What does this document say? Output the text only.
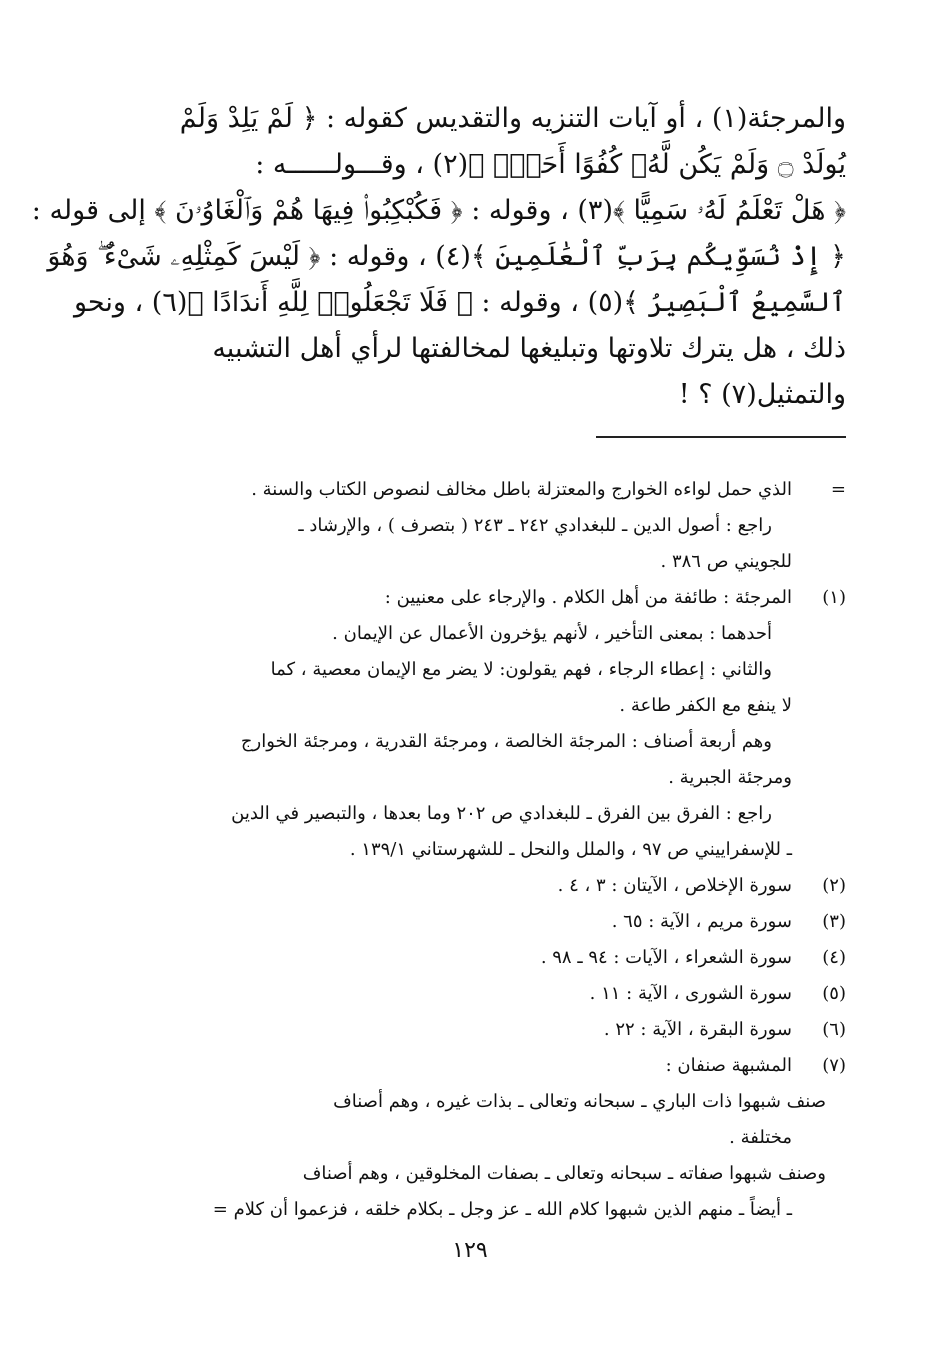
والمرجئة(١) ، أو آيات التنزيه والتقديس كقوله : ﴿ لَمْ يَلِدْ وَلَمْ
يُولَدْ ۝ وَلَمْ يَكُن لَّهُۥ كُفُوًا أَحَدٌۢ ﴾(٢) ، وقـــولــــــه :
﴿ هَلْ تَعْلَمُ لَهُۥ سَمِيًّا ﴾(٣) ، وقوله : ﴿ فَكُبْكِبُوا۟ فِيهَا هُمْ وَٱلْغَاوُۥنَ ﴾ إلى قوله :
﴿ إِذْ نُسَوِّيكُم بِرَبِّ ٱلْعَٰلَمِينَ ﴾(٤) ، وقوله : ﴿ لَيْسَ كَمِثْلِهِۦ شَىْءٌ ۖ وَهُوَ
ٱلسَّمِيعُ ٱلْبَصِيرُ ﴾(٥) ، وقوله : ﴿ فَلَا تَجْعَلُوا۟ لِلَّهِ أَندَادًا ﴾(٦) ، ونحو
ذلك ، هل يترك تلاوتها وتبليغها لمخالفتها لرأي أهل التشبيه
والتمثيل(٧) ؟ !
=
الذي حمل لواءه الخوارج والمعتزلة باطل مخالف لنصوص الكتاب والسنة .
راجع : أصول الدين ـ للبغدادي ٢٤٢ ـ ٢٤٣ ( بتصرف ) ، والإرشاد ـ
للجويني ص ٣٨٦ .
(١)
المرجئة : طائفة من أهل الكلام . والإرجاء على معنيين :
أحدهما : بمعنى التأخير ، لأنهم يؤخرون الأعمال عن الإيمان .
والثاني : إعطاء الرجاء ، فهم يقولون: لا يضر مع الإيمان معصية ، كما
لا ينفع مع الكفر طاعة .
وهم أربعة أصناف : المرجئة الخالصة ، ومرجئة القدرية ، ومرجئة الخوارج
ومرجئة الجبرية .
راجع : الفرق بين الفرق ـ للبغدادي ص ٢٠٢ وما بعدها ، والتبصير في الدين
ـ للإسفراييني ص ٩٧ ، والملل والنحل ـ للشهرستاني ١٣٩/١ .
(٢)
سورة الإخلاص ، الآيتان : ٣ ، ٤ .
(٣)
سورة مريم ، الآية : ٦٥ .
(٤)
سورة الشعراء ، الآيات : ٩٤ ـ ٩٨ .
(٥)
سورة الشورى ، الآية : ١١ .
(٦)
سورة البقرة ، الآية : ٢٢ .
(٧)
المشبهة صنفان :
صنف شبهوا ذات الباري ـ سبحانه وتعالى ـ بذات غيره ، وهم أصناف
مختلفة .
وصنف شبهوا صفاته ـ سبحانه وتعالى ـ بصفات المخلوقين ، وهم أصناف
ـ أيضاً ـ منهم الذين شبهوا كلام الله ـ عز وجل ـ بكلام خلقه ، فزعموا أن كلام =
١٢٩
